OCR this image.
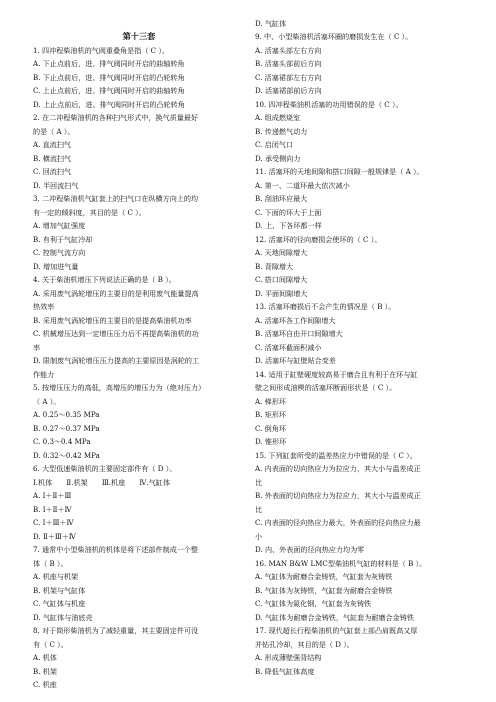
第十三套
1. 四冲程柴油机的气阀重叠角是指（ C ）。
A. 下止点前后，进、排气阀同时开启的曲轴转角
B. 下止点前后，进、排气阀同时开启的凸轮转角
C. 上止点前后，进、排气阀同时开启的曲轴转角
D. 上止点前后，进、排气阀同时开启的凸轮转角
2. 在二冲程柴油机的各种扫气形式中，换气质量最好
的是（ A ）。
A. 直流扫气
B. 横流扫气
C. 回流扫气
D. 半回流扫气
3. 二冲程柴油机气缸套上的扫气口在纵横方向上的均
有一定的倾斜度，其目的是（ C ）。
A. 增加气缸强度
B. 有利于气缸冷却
C. 控制气流方向
D. 增加进气量
4. 关于柴油机增压下列说法正确的是（ B ）。
A. 采用废气涡轮增压的主要目的是利用废气能量提高
热效率
B. 采用废气涡轮增压的主要目的是提高柴油机功率
C. 机械增压达到一定增压压力后不再提高柴油机的功
率
D. 限制废气涡轮增压压力提高的主要原因是涡轮的工
作能力
5. 按增压压力的高低，高增压的增压力为（绝对压力）
（ A ）。
A. 0.25～0.35 MPa
B. 0.27～0.37 MPa
C. 0.3～0.4 MPa
D. 0.32～0.42 MPa
6. 大型低速柴油机的主要固定部件有（ D ）。
Ⅰ.机体　　Ⅱ.机架　　Ⅲ.机座　　Ⅳ.气缸体
A. Ⅰ＋Ⅱ＋Ⅲ
B. Ⅰ＋Ⅱ＋Ⅳ
C. Ⅰ＋Ⅲ＋Ⅳ
D. Ⅱ＋Ⅲ＋Ⅳ
7. 通常中小型柴油机的机体是将下述部件制成一个整
体（ B ）。
A. 机座与机架
B. 机架与气缸体
C. 气缸体与机座
D. 气缸体与油底壳
8. 对于筒形柴油机为了减轻重量，其主要固定件可没
有（ C ）。
A. 机体
B. 机架
C. 机座
D. 气缸体
9. 中、小型柴油机活塞环圈的磨损发生在（ C ）。
A. 活塞头部左右方向
B. 活塞头部前后方向
C. 活塞裙部左右方向
D. 活塞裙部前后方向
10. 四冲程柴油机活塞的功用错误的是（ C ）。
A. 组成燃烧室
B. 传递燃气动力
C. 启闭气口
D. 承受侧向力
11. 活塞环的天地间隙和搭口间隙一般规律是（ A ）。
A. 第一、二道环最大依次减小
B. 刮油环应最大
C. 下面的环大于上面
D. 上、下各环都一样
12. 活塞环的径向磨损会使环的（ C ）。
A. 天地间隙增大
B. 背隙增大
C. 搭口间隙增大
D. 平面间隙增大
13. 活塞环磨损后不会产生的情况是（ B ）。
A. 活塞环各工作间隙增大
B. 活塞环自由开口间隙增大
C. 活塞环截面积减小
D. 活塞环与缸壁贴合变差
14. 适用于缸壁硬度较高易于磨合且有利于在环与缸
壁之间形成油楔的活塞环断面形状是（ C ）。
A. 梯形环
B. 矩形环
C. 倒角环
D. 锥形环
15. 下列缸套所受的温差热应力中错误的是（ C ）。
A. 内表面的切向热应力为拉应力，其大小与温差成正
比
B. 外表面的切向热应力为拉应力，其大小与温差成正
比
C. 内表面的径向热应力最大，外表面的径向热应力最
小
D. 内、外表面的径向热应力均为零
16. MAN B&W LMC型柴油机气缸的材料是（ B ）。
A. 气缸体为耐磨合金铸铁，气缸套为灰铸铁
B. 气缸体为灰铸铁，气缸套为耐磨合金铸铁
C. 气缸体为氮化钢，气缸套为灰铸铁
D. 气缸体为耐磨合金铸铁，气缸套为耐磨合金铸铁
17. 现代超长行程柴油机的气缸套上部凸肩既高又厚
并钻孔冷却，其目的是（ D ）。
A. 形成薄壁强背结构
B. 降低气缸体高度
